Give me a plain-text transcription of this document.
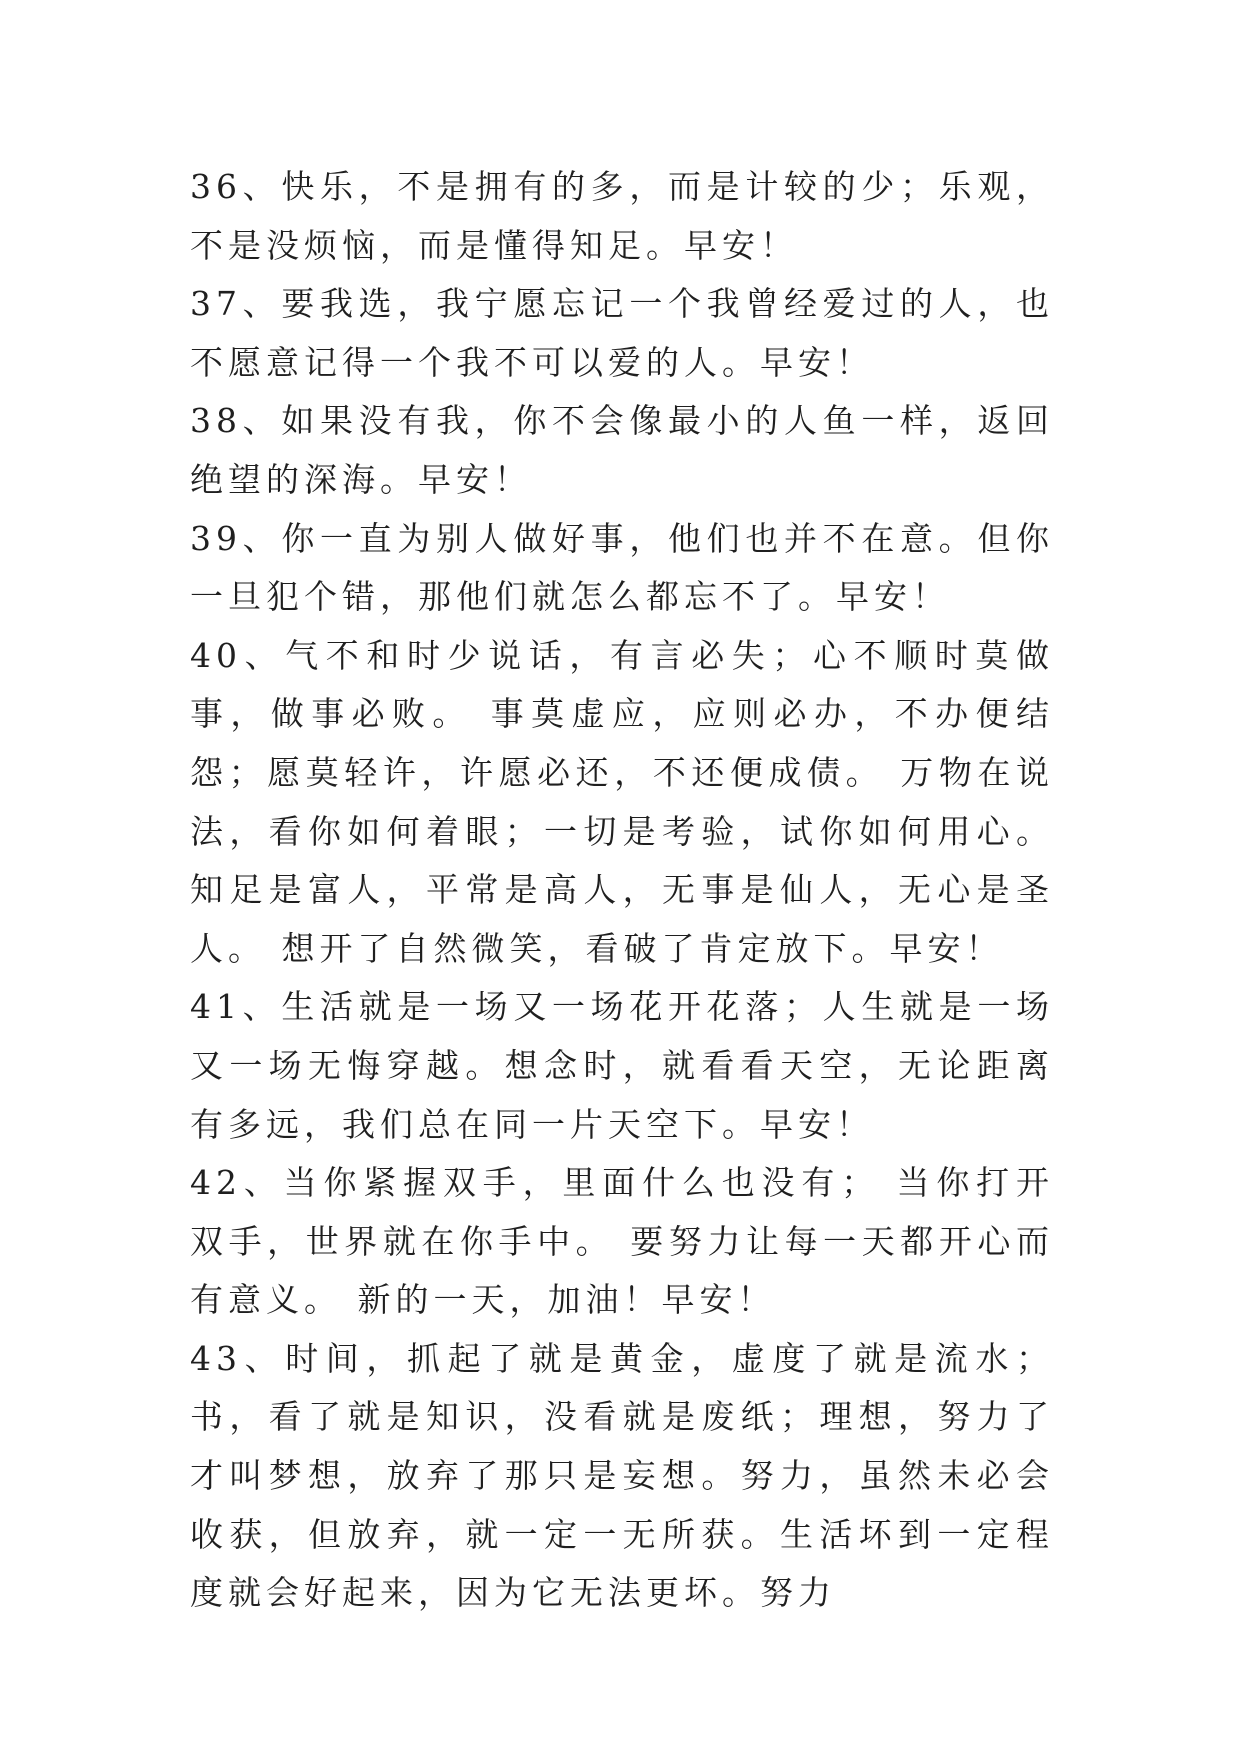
36、快乐，不是拥有的多，而是计较的少；乐观，不是没烦恼，而是懂得知足。早安！

37、要我选，我宁愿忘记一个我曾经爱过的人，也不愿意记得一个我不可以爱的人。早安！

38、如果没有我，你不会像最小的人鱼一样，返回绝望的深海。早安！

39、你一直为别人做好事，他们也并不在意。但你一旦犯个错，那他们就怎么都忘不了。早安！

40、气不和时少说话，有言必失；心不顺时莫做事，做事必败。 事莫虚应，应则必办，不办便结怨；愿莫轻许，许愿必还，不还便成债。 万物在说法，看你如何着眼；一切是考验，试你如何用心。 知足是富人，平常是高人，无事是仙人，无心是圣人。 想开了自然微笑，看破了肯定放下。早安！

41、生活就是一场又一场花开花落；人生就是一场又一场无悔穿越。想念时，就看看天空，无论距离有多远，我们总在同一片天空下。早安！

42、当你紧握双手，里面什么也没有； 当你打开双手，世界就在你手中。 要努力让每一天都开心而有意义。 新的一天，加油！早安！

43、时间，抓起了就是黄金，虚度了就是流水；书，看了就是知识，没看就是废纸；理想，努力了才叫梦想，放弃了那只是妄想。努力，虽然未必会收获，但放弃，就一定一无所获。生活坏到一定程度就会好起来，因为它无法更坏。努力
